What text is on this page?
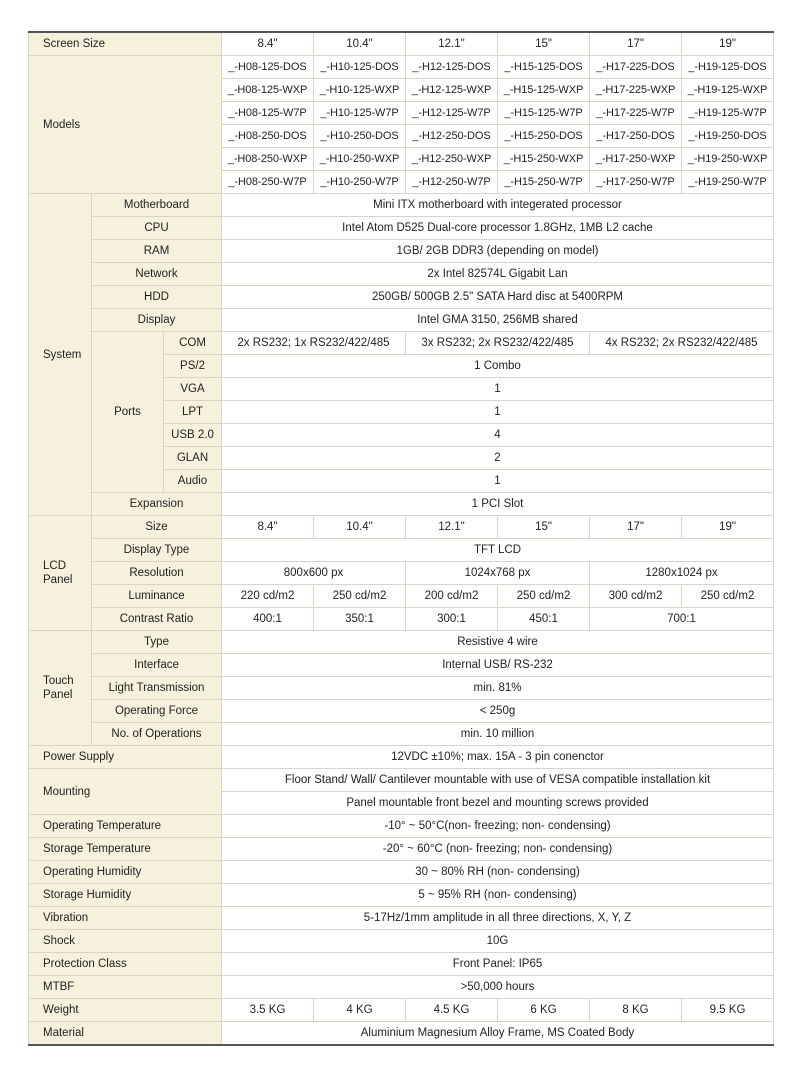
Screen Size			8.4"	10.4"	12.1"	15"	17"	19"
Models			_-H08-125-DOS	_-H10-125-DOS	_-H12-125-DOS	_-H15-125-DOS	_-H17-225-DOS	_-H19-125-DOS
			_-H08-125-WXP	_-H10-125-WXP	_-H12-125-WXP	_-H15-125-WXP	_-H17-225-WXP	_-H19-125-WXP
			_-H08-125-W7P	_-H10-125-W7P	_-H12-125-W7P	_-H15-125-W7P	_-H17-225-W7P	_-H19-125-W7P
			_-H08-250-DOS	_-H10-250-DOS	_-H12-250-DOS	_-H15-250-DOS	_-H17-250-DOS	_-H19-250-DOS
			_-H08-250-WXP	_-H10-250-WXP	_-H12-250-WXP	_-H15-250-WXP	_-H17-250-WXP	_-H19-250-WXP
			_-H08-250-W7P	_-H10-250-W7P	_-H12-250-W7P	_-H15-250-W7P	_-H17-250-W7P	_-H19-250-W7P
System	Motherboard		Mini ITX motherboard with integerated processor					
	CPU		Intel Atom D525 Dual-core processor 1.8GHz, 1MB L2 cache					
	RAM		1GB/ 2GB DDR3 (depending on model)					
	Network		2x Intel 82574L Gigabit Lan					
	HDD		250GB/ 500GB 2.5" SATA Hard disc at 5400RPM					
	Display		Intel GMA 3150, 256MB shared					
	Ports	COM	2x RS232; 1x RS232/422/485		3x RS232; 2x RS232/422/485		4x RS232; 2x RS232/422/485	
		PS/2	1 Combo					
		VGA	1					
		LPT	1					
		USB 2.0	4					
		GLAN	2					
		Audio	1					
	Expansion		1 PCI Slot					
LCD
Panel	Size		8.4"	10.4"	12.1"	15"	17"	19"
	Display Type		TFT LCD					
	Resolution		800x600 px		1024x768 px		1280x1024 px	
	Luminance		220 cd/m2	250 cd/m2	200 cd/m2	250 cd/m2	300 cd/m2	250 cd/m2
	Contrast Ratio		400:1	350:1	300:1	450:1	700:1	
Touch
Panel	Type		Resistive 4 wire					
	Interface		Internal USB/ RS-232					
	Light Transmission		min. 81%					
	Operating Force		< 250g					
	No. of Operations		min. 10 million					
Power Supply			12VDC ±10%; max. 15A - 3 pin conenctor					
Mounting			Floor Stand/ Wall/ Cantilever mountable with use of VESA compatible installation kit					
			Panel mountable front bezel and mounting screws provided					
Operating Temperature			-10° ~ 50°C(non- freezing; non- condensing)					
Storage Temperature			-20° ~ 60°C (non- freezing; non- condensing)					
Operating Humidity			30 ~ 80% RH (non- condensing)					
Storage Humidity			5 ~ 95% RH (non- condensing)					
Vibration			5-17Hz/1mm amplitude in all three directions, X, Y, Z					
Shock			10G					
Protection Class			Front Panel: IP65					
MTBF			>50,000 hours					
Weight			3.5 KG	4 KG	4.5 KG	6 KG	8 KG	9.5 KG
Material			Aluminium Magnesium Alloy Frame, MS Coated Body					
